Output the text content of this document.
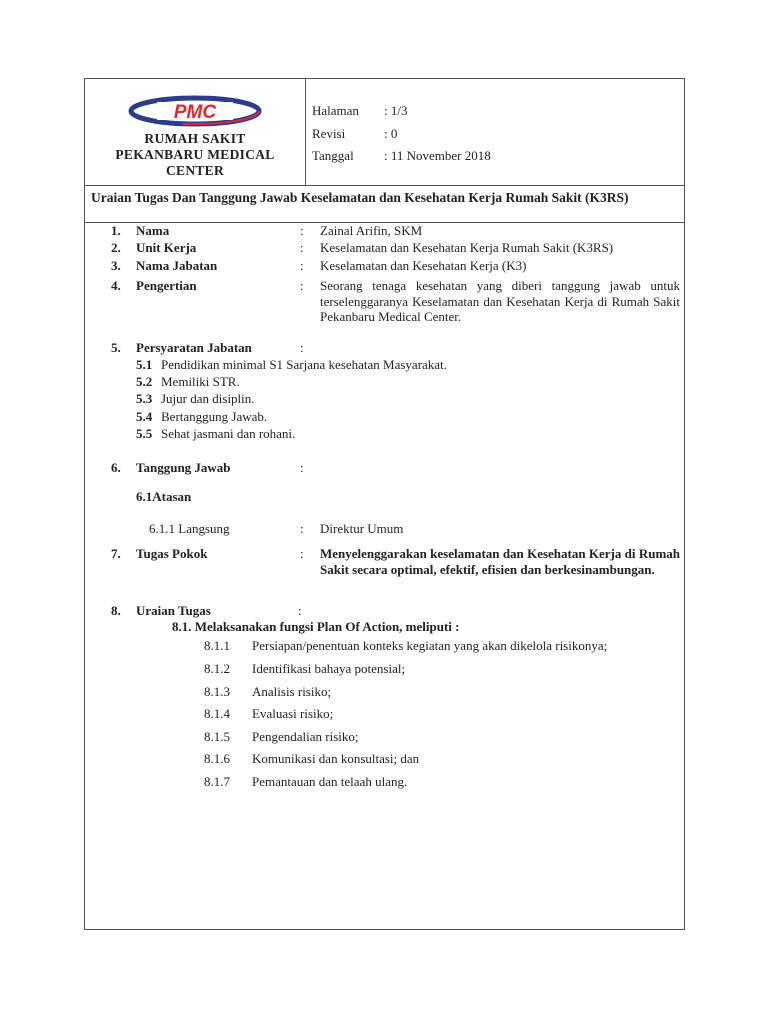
PMC
RUMAH SAKIT
PEKANBARU MEDICAL
CENTER
Halaman : 1/3
Revisi	: 0
Tanggal : 11 November 2018
Uraian Tugas Dan Tanggung Jawab Keselamatan dan Kesehatan Kerja Rumah Sakit (K3RS)
1. Nama	: Zainal Arifin, SKM
2. Unit Kerja	: Keselamatan dan Kesehatan Kerja Rumah Sakit (K3RS)
3. Nama Jabatan	: Keselamatan dan Kesehatan Kerja (K3)
4. Pengertian	: Seorang tenaga kesehatan yang diberi tanggung jawab untuk terselenggaranya Keselamatan dan Kesehatan Kerja di Rumah Sakit Pekanbaru Medical Center.
5. Persyaratan Jabatan	:
5.1 Pendidikan minimal S1 Sarjana kesehatan Masyarakat.
5.2 Memiliki STR.
5.3 Jujur dan disiplin.
5.4 Bertanggung Jawab.
5.5 Sehat jasmani dan rohani.
6. Tanggung Jawab	:
6.1Atasan
6.1.1 Langsung	: Direktur Umum
7. Tugas Pokok	: Menyelenggarakan keselamatan dan Kesehatan Kerja di Rumah Sakit secara optimal, efektif, efisien dan berkesinambungan.
8. Uraian Tugas	:
8.1. Melaksanakan fungsi Plan Of Action, meliputi :
8.1.1 Persiapan/penentuan konteks kegiatan yang akan dikelola risikonya;
8.1.2 Identifikasi bahaya potensial;
8.1.3 Analisis risiko;
8.1.4 Evaluasi risiko;
8.1.5 Pengendalian risiko;
8.1.6 Komunikasi dan konsultasi; dan
8.1.7 Pemantauan dan telaah ulang.
